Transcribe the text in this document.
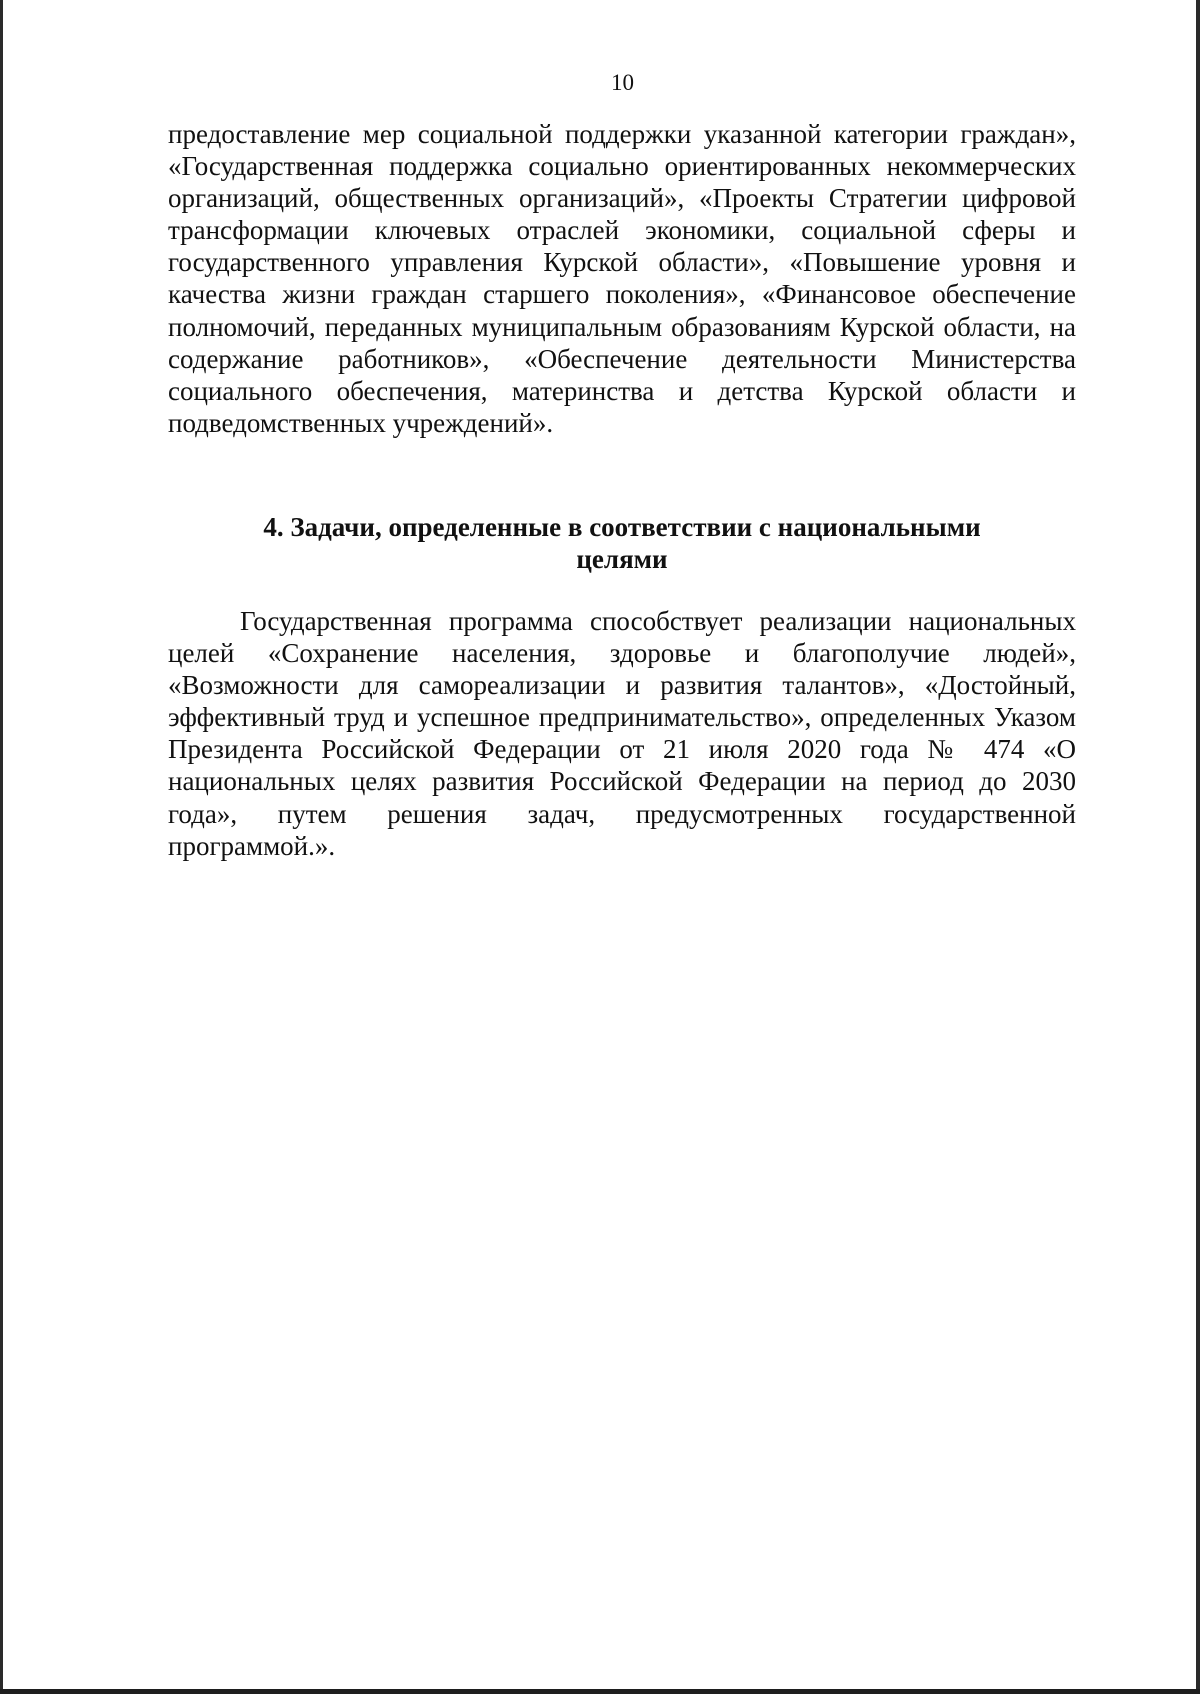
10

предоставление мер социальной поддержки указанной категории граждан», «Государственная поддержка социально ориентированных некоммерческих организаций, общественных организаций», «Проекты Стратегии цифровой трансформации ключевых отраслей экономики, социальной сферы и государственного управления Курской области», «Повышение уровня и качества жизни граждан старшего поколения», «Финансовое обеспечение полномочий, переданных муниципальным образованиям Курской области, на содержание работников», «Обеспечение деятельности Министерства социального обеспечения, материнства и детства Курской области и подведомственных учреждений».

4. Задачи, определенные в соответствии с национальными
целями

Государственная программа способствует реализации национальных целей «Сохранение населения, здоровье и благополучие людей», «Возможности для самореализации и развития талантов», «Достойный, эффективный труд и успешное предпринимательство», определенных Указом Президента Российской Федерации от 21 июля 2020 года № 474 «О национальных целях развития Российской Федерации на период до 2030 года», путем решения задач, предусмотренных государственной программой.».
